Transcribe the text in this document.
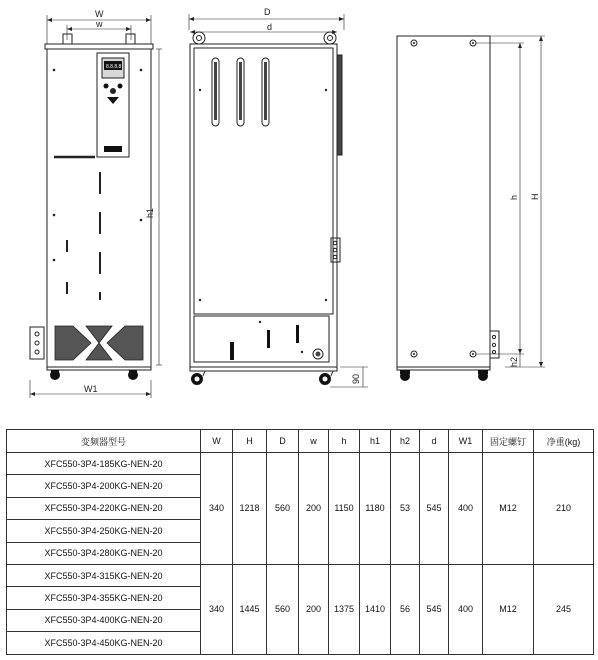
W
w
h1
W1
8.8.8.8
D
d
90
h H
h2
变频器型号	W	H	D	w	h	h1	h2	d	W1	固定螺钉	净重(kg)
XFC550-3P4-185KG-NEN-20	340	1218	560	200	1150	1180	53	545	400	M12	210
XFC550-3P4-200KG-NEN-20											
XFC550-3P4-220KG-NEN-20											
XFC550-3P4-250KG-NEN-20											
XFC550-3P4-280KG-NEN-20											
XFC550-3P4-315KG-NEN-20	340	1445	560	200	1375	1410	56	545	400	M12	245
XFC550-3P4-355KG-NEN-20											
XFC550-3P4-400KG-NEN-20											
XFC550-3P4-450KG-NEN-20											
